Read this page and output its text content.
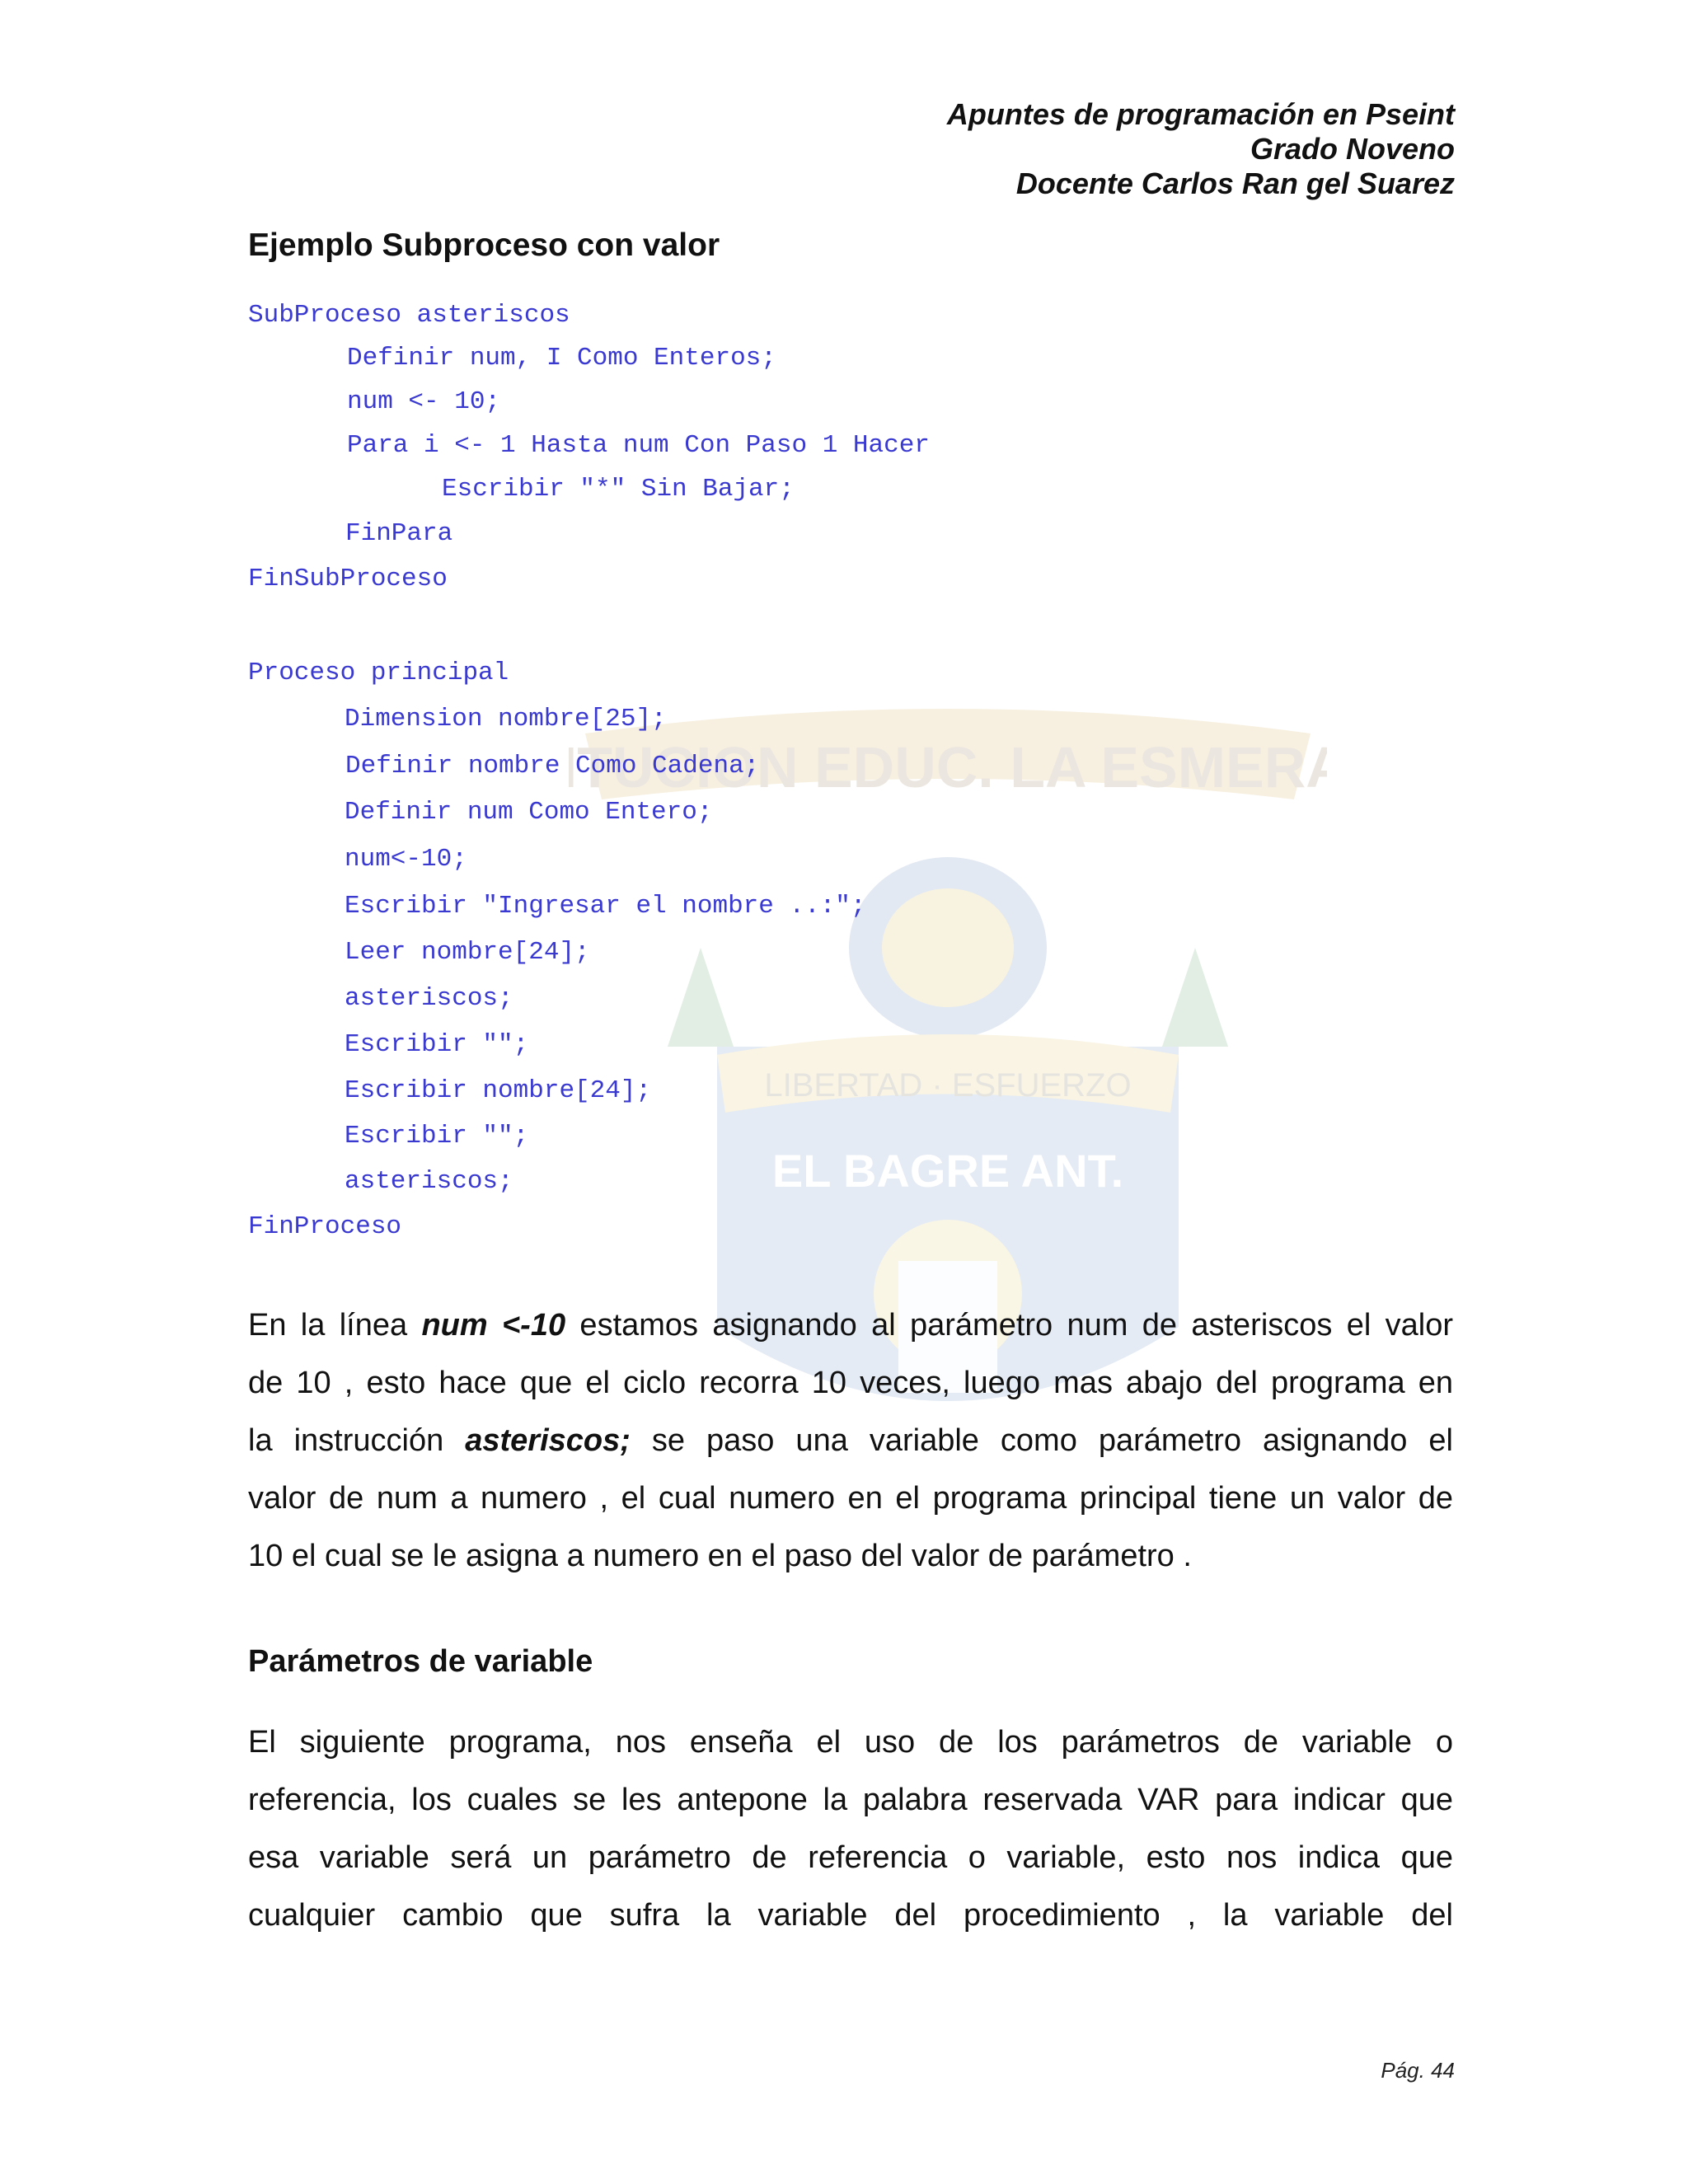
ITUCION EDUC. LA ESMERA
LIBERTAD · ESFUERZO
EL BAGRE ANT.
Apuntes de programación en Pseint
Grado Noveno
Docente Carlos Ran gel Suarez
Ejemplo Subproceso con valor
SubProceso asteriscos
Definir num, I Como Enteros;
num <- 10;
Para i <- 1 Hasta num Con Paso 1 Hacer
Escribir "*" Sin Bajar;
FinPara
FinSubProceso
Proceso principal
Dimension nombre[25];
Definir nombre Como Cadena;
Definir num Como Entero;
num<-10;
Escribir "Ingresar el nombre ..:";
Leer nombre[24];
asteriscos;
Escribir "";
Escribir nombre[24];
Escribir "";
asteriscos;
FinProceso
En la línea num <-10 estamos asignando al parámetro num de asteriscos el valor
de 10 , esto hace que el ciclo recorra 10 veces, luego mas abajo del programa en
la instrucción asteriscos; se paso una variable como parámetro asignando el
valor de num a numero , el cual numero en el programa principal tiene un valor de
10 el cual se le asigna a numero en el paso del valor de parámetro .
Parámetros de variable
El siguiente programa, nos enseña el uso de los parámetros de variable o
referencia, los cuales se les antepone la palabra reservada VAR para indicar que
esa variable será un parámetro de referencia o variable, esto nos indica que
cualquier cambio que sufra la variable del procedimiento , la variable del
Pág. 44
